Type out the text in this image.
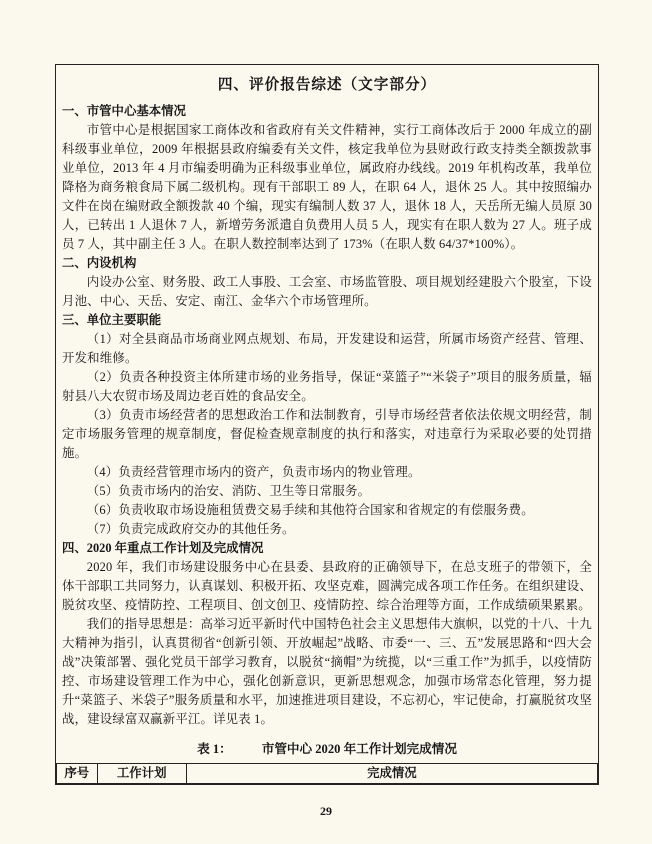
四、评价报告综述（文字部分）
一、市管中心基本情况

市管中心是根据国家工商体改和省政府有关文件精神，实行工商体改后于 2000 年成立的副科级事业单位，2009 年根据县政府编委有关文件，核定我单位为县财政行政支持类全额拨款事业单位，2013 年 4 月市编委明确为正科级事业单位，属政府办线线。2019 年机构改革，我单位降格为商务粮食局下属二级机构。现有干部职工 89 人，在职 64 人，退休 25 人。其中按照编办文件在岗在编财政全额拨款 40 个编，现实有编制人数 37 人，退休 18 人，天岳所无编人员原 30 人，已转出 1 人退休 7 人，新增劳务派遣自负费用人员 5 人，现实有在职人数为 27 人。班子成员 7 人，其中副主任 3 人。在职人数控制率达到了 173%（在职人数 64/37*100%）。

二、内设机构

内设办公室、财务股、政工人事股、工会室、市场监管股、项目规划经建股六个股室，下设月池、中心、天岳、安定、南江、金华六个市场管理所。

三、单位主要职能

（1）对全县商品市场商业网点规划、布局，开发建设和运营，所属市场资产经营、管理、开发和维修。

（2）负责各种投资主体所建市场的业务指导，保证“菜篮子”“米袋子”项目的服务质量，辐射县八大农贸市场及周边老百姓的食品安全。

（3）负责市场经营者的思想政治工作和法制教育，引导市场经营者依法依规文明经营，制定市场服务管理的规章制度，督促检查规章制度的执行和落实，对违章行为采取必要的处罚措施。

（4）负责经营管理市场内的资产，负责市场内的物业管理。

（5）负责市场内的治安、消防、卫生等日常服务。

（6）负责收取市场设施租赁费交易手续和其他符合国家和省规定的有偿服务费。

（7）负责完成政府交办的其他任务。

四、2020 年重点工作计划及完成情况

2020 年，我们市场建设服务中心在县委、县政府的正确领导下，在总支班子的带领下，全体干部职工共同努力，认真谋划、积极开拓、攻坚克难，圆满完成各项工作任务。在组织建设、脱贫攻坚、疫情防控、工程项目、创文创卫、疫情防控、综合治理等方面，工作成绩硕果累累。

我们的指导思想是：高举习近平新时代中国特色社会主义思想伟大旗帜，以党的十八、十九大精神为指引，认真贯彻省“创新引领、开放崛起”战略、市委“一、三、五”发展思路和“四大会战”决策部署、强化党员干部学习教育，以脱贫“摘帽”为统揽，以“三重工作”为抓手，以疫情防控、市场建设管理工作为中心，强化创新意识，更新思想观念，加强市场常态化管理，努力提升“菜篮子、米袋子”服务质量和水平，加速推进项目建设，不忘初心，牢记使命，打赢脱贫攻坚战，建设绿富双赢新平江。详见表 1。

表 1： 市管中心 2020 年工作计划完成情况
序号	工作计划	完成情况
29
